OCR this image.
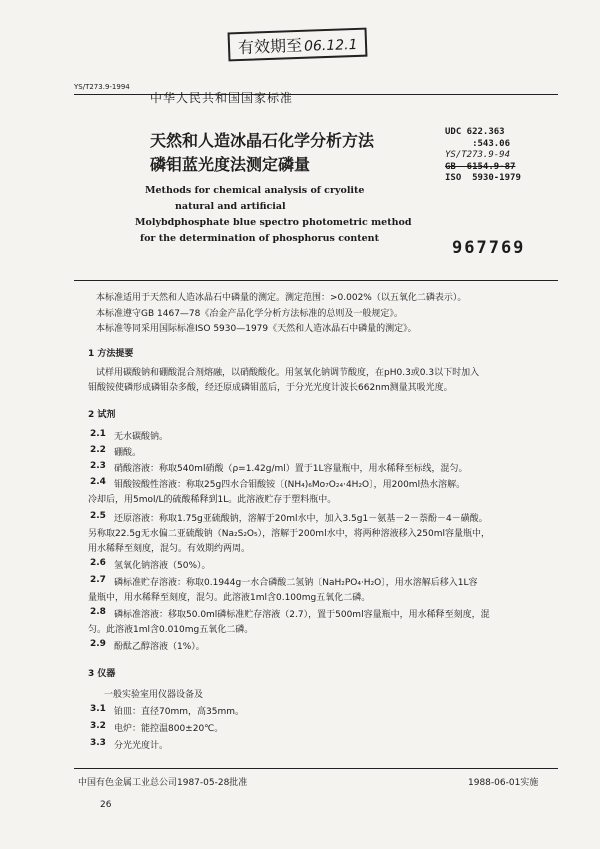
有效期至06.12.1
YS/T273.9-1994
中华人民共和国国家标准
天然和人造冰晶石化学分析方法
磷钼蓝光度法测定磷量
Methods for chemical analysis of cryolite
natural and artificial
Molybdphosphate blue spectro photometric method
for the determination of phosphorus content
UDC 622.363
:543.06
YS/T273.9-94
GB  6154.9-87
ISO  5930-1979
967769
本标准适用于天然和人造冰晶石中磷量的测定。测定范围：>0.002%（以五氧化二磷表示）。
本标准遵守GB 1467—78《冶金产品化学分析方法标准的总则及一般规定》。
本标准等同采用国际标准ISO 5930—1979《天然和人造冰晶石中磷量的测定》。
1 方法提要
试样用碳酸钠和硼酸混合剂熔融，以硝酸酸化。用氢氧化钠调节酸度，在pH0.3或0.3以下时加入
钼酸铵使磷形成磷钼杂多酸，经还原成磷钼蓝后，于分光光度计波长662nm测量其吸光度。
2 试剂
2.1 无水碳酸钠。
2.2 硼酸。
2.3 硝酸溶液：称取540ml硝酸（ρ=1.42g/ml）置于1L容量瓶中，用水稀释至标线，混匀。
2.4 钼酸铵酸性溶液：称取25g四水合钼酸铵〔(NH₄)₆Mo₇O₂₄·4H₂O〕，用200ml热水溶解。
冷却后，用5mol/L的硫酸稀释到1L。此溶液贮存于塑料瓶中。
2.5 还原溶液：称取1.75g亚硫酸钠，溶解于20ml水中，加入3.5g1－氨基－2－萘酚－4－磺酸。
另称取22.5g无水偏二亚硫酸钠（Na₂S₂O₅），溶解于200ml水中，将两种溶液移入250ml容量瓶中，
用水稀释至刻度，混匀。有效期约两周。
2.6 氢氧化钠溶液（50%）。
2.7 磷标准贮存溶液：称取0.1944g一水合磷酸二氢钠〔NaH₂PO₄·H₂O〕，用水溶解后移入1L容
量瓶中，用水稀释至刻度，混匀。此溶液1ml含0.100mg五氧化二磷。
2.8 磷标准溶液：移取50.0ml磷标准贮存溶液（2.7），置于500ml容量瓶中，用水稀释至刻度，混
匀。此溶液1ml含0.010mg五氧化二磷。
2.9 酚酞乙醇溶液（1%）。
3 仪器
一般实验室用仪器设备及
3.1 铂皿：直径70mm，高35mm。
3.2 电炉：能控温800±20℃。
3.3 分光光度计。
中国有色金属工业总公司1987-05-28批准	1988-06-01实施
26
